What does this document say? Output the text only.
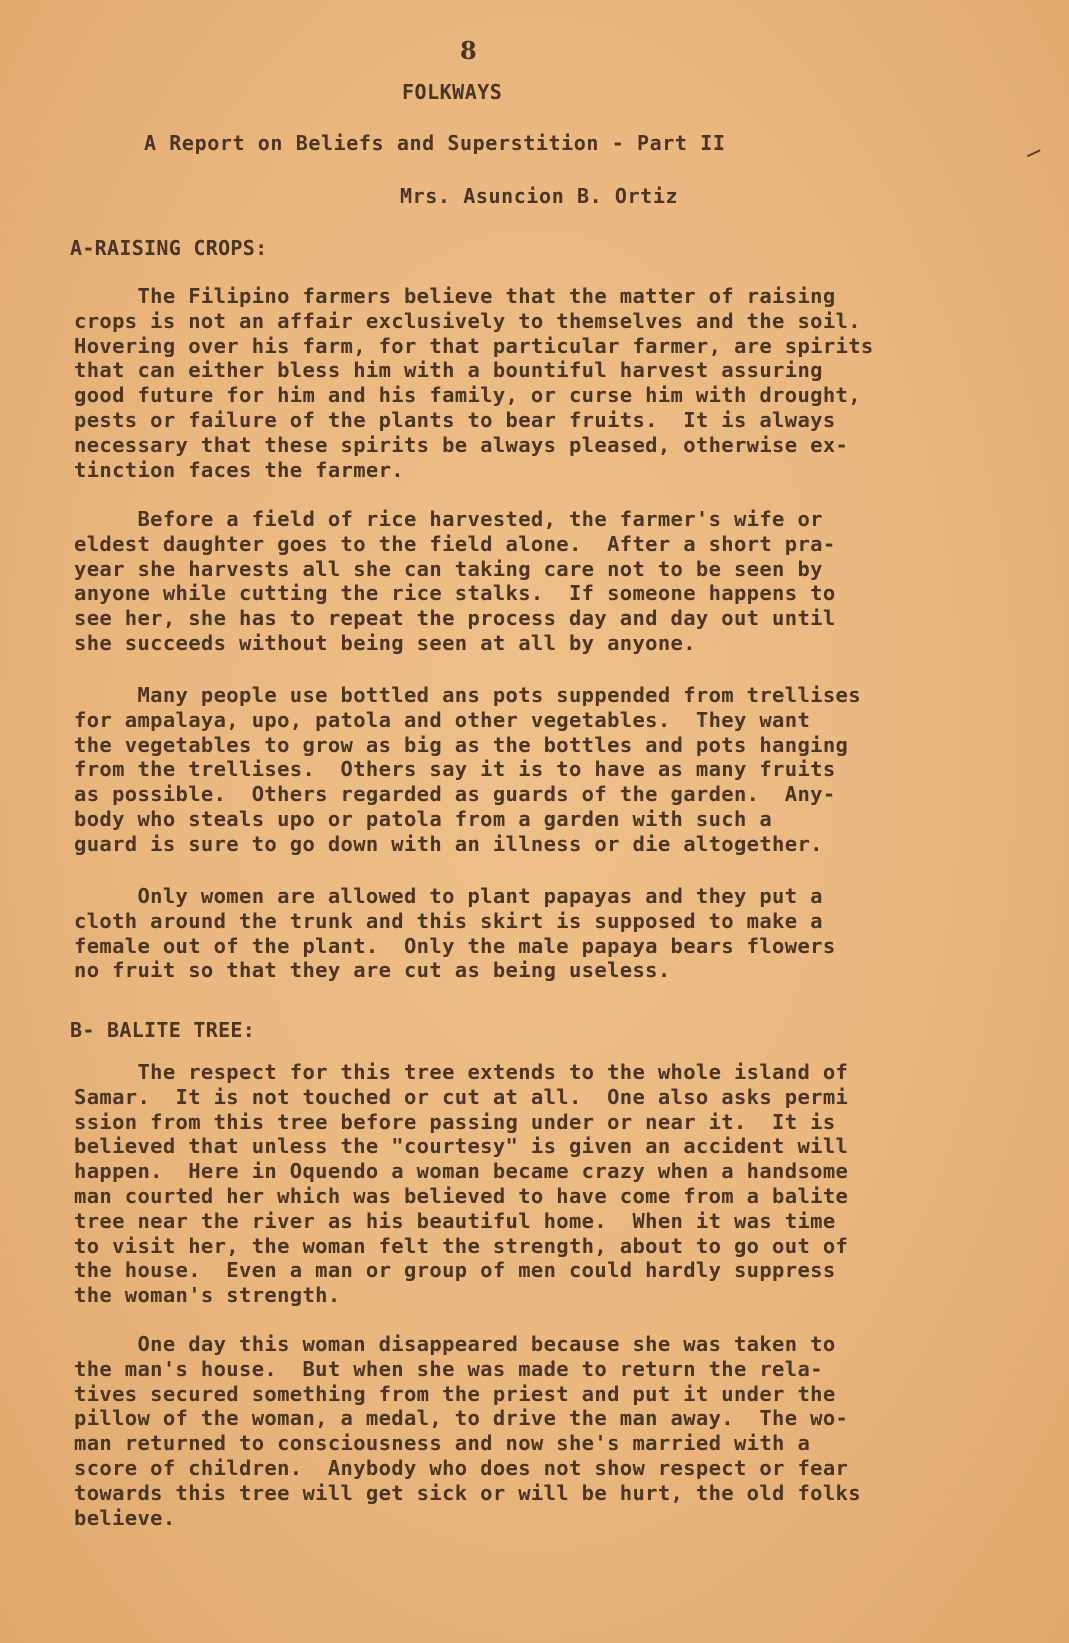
8
FOLKWAYS
A Report on Beliefs and Superstition - Part II
Mrs. Asuncion B. Ortiz
A-RAISING CROPS:
The Filipino farmers believe that the matter of raising
crops is not an affair exclusively to themselves and the soil.
Hovering over his farm, for that particular farmer, are spirits
that can either bless him with a bountiful harvest assuring
good future for him and his family, or curse him with drought,
pests or failure of the plants to bear fruits.  It is always
necessary that these spirits be always pleased, otherwise ex-
tinction faces the farmer.
Before a field of rice harvested, the farmer's wife or
eldest daughter goes to the field alone.  After a short pra-
year she harvests all she can taking care not to be seen by
anyone while cutting the rice stalks.  If someone happens to
see her, she has to repeat the process day and day out until
she succeeds without being seen at all by anyone.
Many people use bottled ans pots suppended from trellises
for ampalaya, upo, patola and other vegetables.  They want
the vegetables to grow as big as the bottles and pots hanging
from the trellises.  Others say it is to have as many fruits
as possible.  Others regarded as guards of the garden.  Any-
body who steals upo or patola from a garden with such a
guard is sure to go down with an illness or die altogether.
Only women are allowed to plant papayas and they put a
cloth around the trunk and this skirt is supposed to make a
female out of the plant.  Only the male papaya bears flowers
no fruit so that they are cut as being useless.
B- BALITE TREE:
The respect for this tree extends to the whole island of
Samar.  It is not touched or cut at all.  One also asks permi
ssion from this tree before passing under or near it.  It is
believed that unless the "courtesy" is given an accident will
happen.  Here in Oquendo a woman became crazy when a handsome
man courted her which was believed to have come from a balite
tree near the river as his beautiful home.  When it was time
to visit her, the woman felt the strength, about to go out of
the house.  Even a man or group of men could hardly suppress
the woman's strength.
One day this woman disappeared because she was taken to
the man's house.  But when she was made to return the rela-
tives secured something from the priest and put it under the
pillow of the woman, a medal, to drive the man away.  The wo-
man returned to consciousness and now she's married with a
score of children.  Anybody who does not show respect or fear
towards this tree will get sick or will be hurt, the old folks
believe.
